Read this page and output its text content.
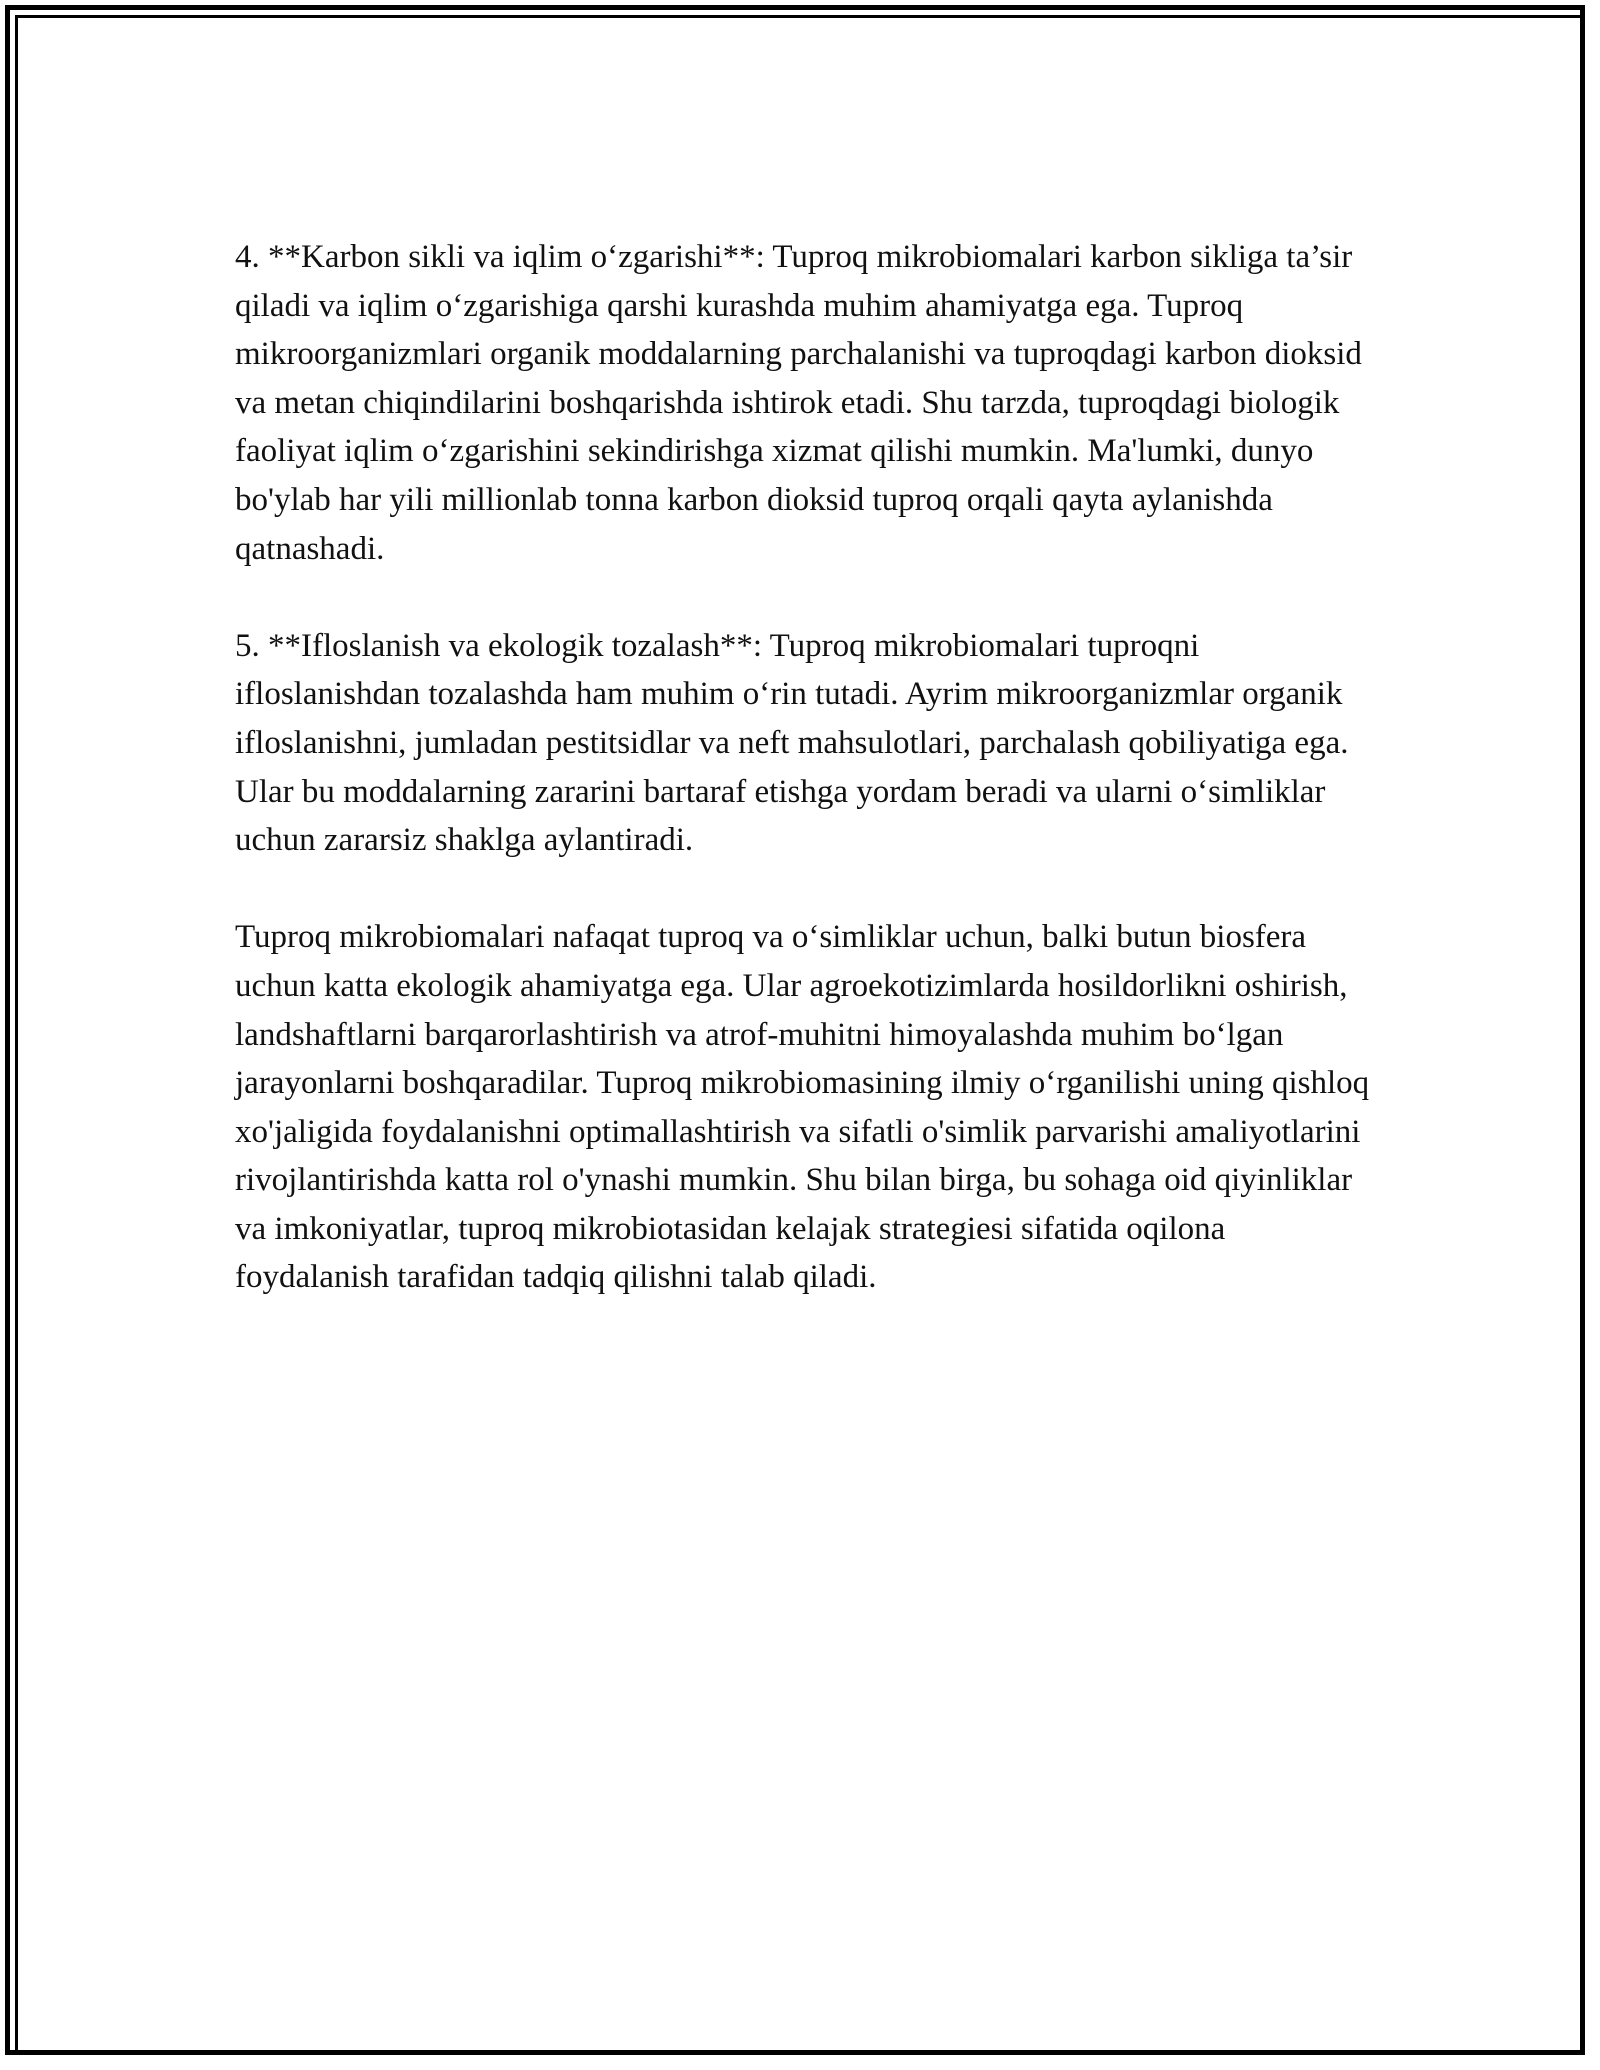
4. **Karbon sikli va iqlim o‘zgarishi**: Tuproq mikrobiomalari karbon sikliga ta’sir qiladi va iqlim o‘zgarishiga qarshi kurashda muhim ahamiyatga ega. Tuproq mikroorganizmlari organik moddalarning parchalanishi va tuproqdagi karbon dioksid va metan chiqindilarini boshqarishda ishtirok etadi. Shu tarzda, tuproqdagi biologik faoliyat iqlim o‘zgarishini sekindirishga xizmat qilishi mumkin. Ma'lumki, dunyo bo'ylab har yili millionlab tonna karbon dioksid tuproq orqali qayta aylanishda qatnashadi.

5. **Ifloslanish va ekologik tozalash**: Tuproq mikrobiomalari tuproqni ifloslanishdan tozalashda ham muhim o‘rin tutadi. Ayrim mikroorganizmlar organik ifloslanishni, jumladan pestitsidlar va neft mahsulotlari, parchalash qobiliyatiga ega. Ular bu moddalarning zararini bartaraf etishga yordam beradi va ularni o‘simliklar uchun zararsiz shaklga aylantiradi.

Tuproq mikrobiomalari nafaqat tuproq va o‘simliklar uchun, balki butun biosfera uchun katta ekologik ahamiyatga ega. Ular agroekotizimlarda hosildorlikni oshirish, landshaftlarni barqarorlashtirish va atrof-muhitni himoyalashda muhim bo‘lgan jarayonlarni boshqaradilar. Tuproq mikrobiomasining ilmiy o‘rganilishi uning qishloq xo'jaligida foydalanishni optimallashtirish va sifatli o'simlik parvarishi amaliyotlarini rivojlantirishda katta rol o'ynashi mumkin. Shu bilan birga, bu sohaga oid qiyinliklar va imkoniyatlar, tuproq mikrobiotasidan kelajak strategiesi sifatida oqilona foydalanish tarafidan tadqiq qilishni talab qiladi.
